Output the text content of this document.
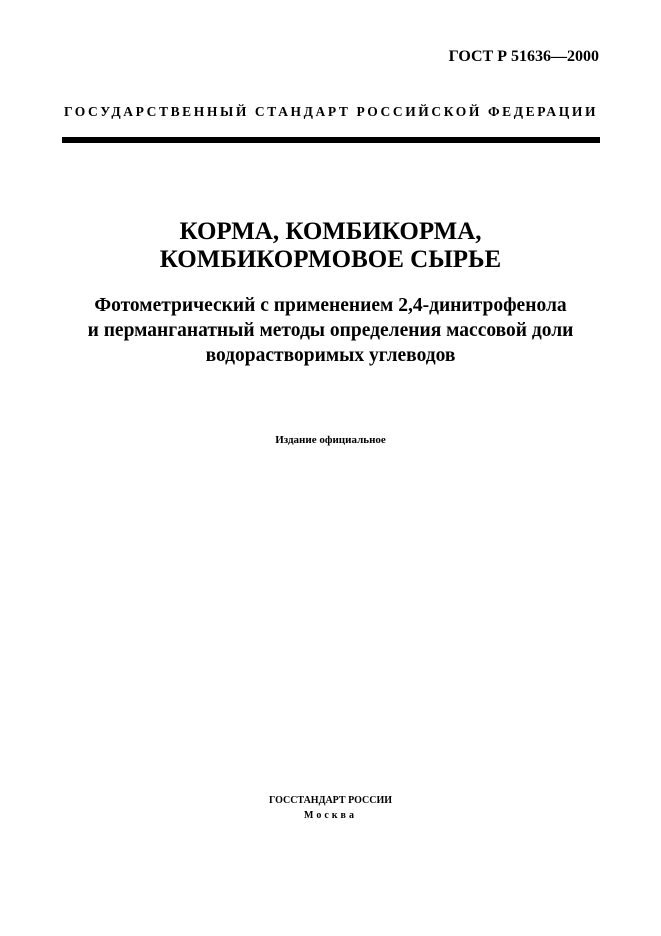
ГОСТ Р 51636—2000
ГОСУДАРСТВЕННЫЙ СТАНДАРТ РОССИЙСКОЙ ФЕДЕРАЦИИ
КОРМА, КОМБИКОРМА,
КОМБИКОРМОВОЕ СЫРЬЕ
Фотометрический с применением 2,4-динитрофенола
и перманганатный методы определения массовой доли
водорастворимых углеводов
Издание официальное
ГОССТАНДАРТ РОССИИ
Москва
